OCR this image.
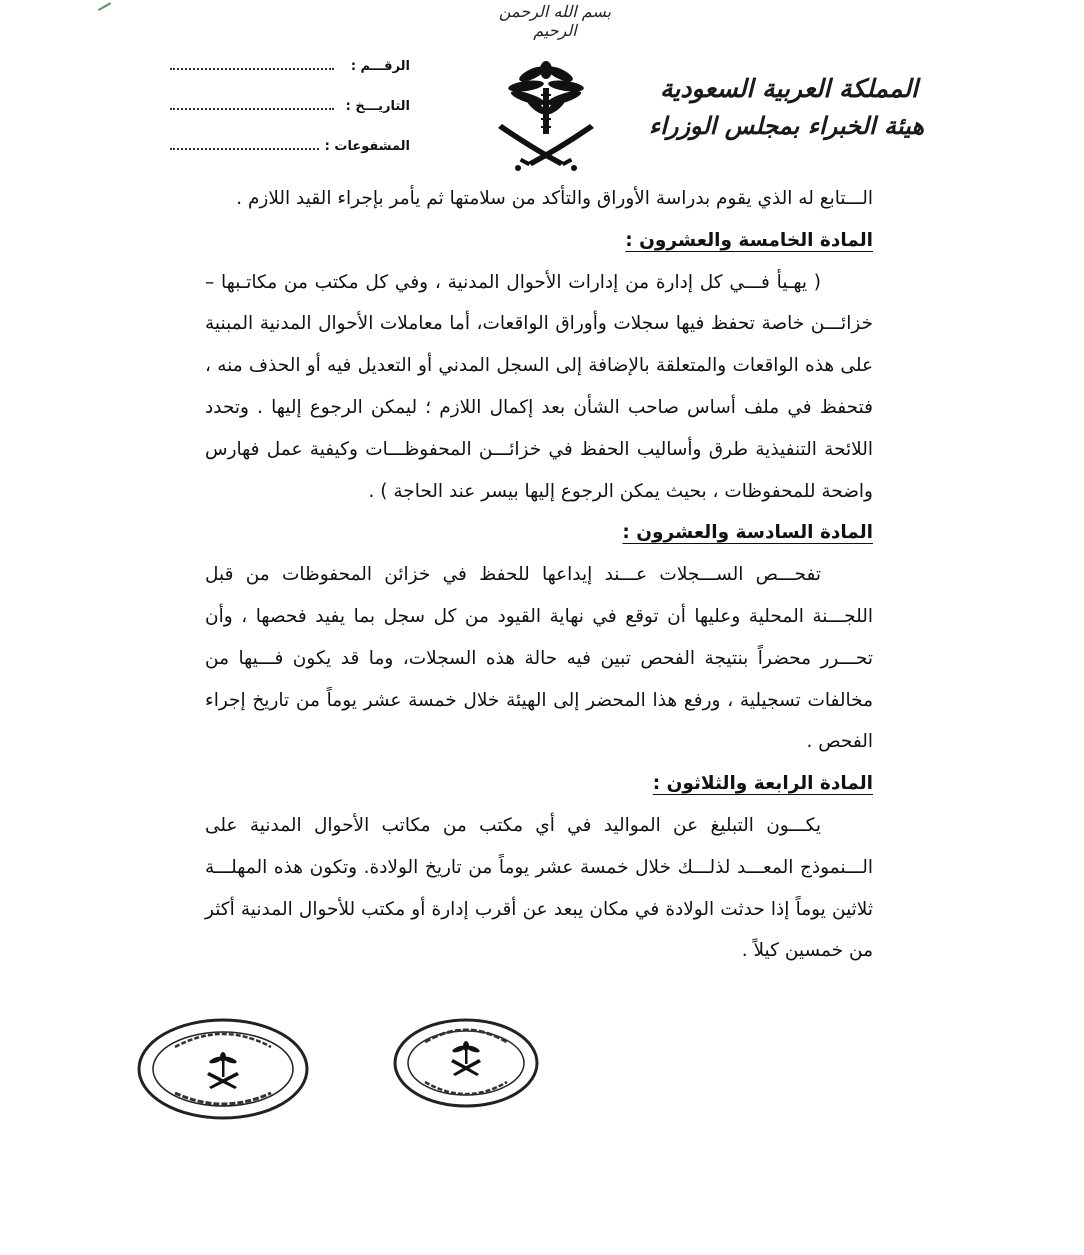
بسم الله الرحمن الرحيم
الرقـــم :
التاريـــخ :
المشفوعات :
المملكة العربية السعودية
هيئة الخبراء بمجلس الوزراء

الـــتابع له الذي يقوم بدراسة الأوراق والتأكد من سلامتها ثم يأمر بإجراء القيد اللازم .

المادة الخامسة والعشرون :

( يهـيأ فـــي كل إدارة من إدارات الأحوال المدنية ، وفي كل مكتب من مكاتـبها – خزائـــن خاصة تحفظ فيها سجلات وأوراق الواقعات، أما معاملات الأحوال المدنية المبنية على هذه الواقعات والمتعلقة بالإضافة إلى السجل المدني أو التعديل فيه أو الحذف منه ، فتحفظ في ملف أساس صاحب الشأن بعد إكمال اللازم ؛ ليمكن الرجوع إليها . وتحدد اللائحة التنفيذية طرق وأساليب الحفظ في خزائـــن المحفوظـــات وكيفية عمل فهارس واضحة للمحفوظات ، بحيث يمكن الرجوع إليها بيسر عند الحاجة ) .

المادة السادسة والعشرون :

تفحـــص الســـجلات عـــند إيداعها للحفظ في خزائن المحفوظات من قبل اللجـــنة المحلية وعليها أن توقع في نهاية القيود من كل سجل بما يفيد فحصها ، وأن تحـــرر محضراً بنتيجة الفحص تبين فيه حالة هذه السجلات، وما قد يكون فـــيها من مخالفات تسجيلية ، ورفع هذا المحضر إلى الهيئة خلال خمسة عشر يوماً من تاريخ إجراء الفحص .

المادة الرابعة والثلاثون :

يكـــون التبليغ عن المواليد في أي مكتب من مكاتب الأحوال المدنية على الـــنموذج المعـــد لذلـــك خلال خمسة عشر يوماً من تاريخ الولادة. وتكون هذه المهلـــة ثلاثين يوماً إذا حدثت الولادة في مكان يبعد عن أقرب إدارة أو مكتب للأحوال المدنية أكثر من خمسين كيلاً .
